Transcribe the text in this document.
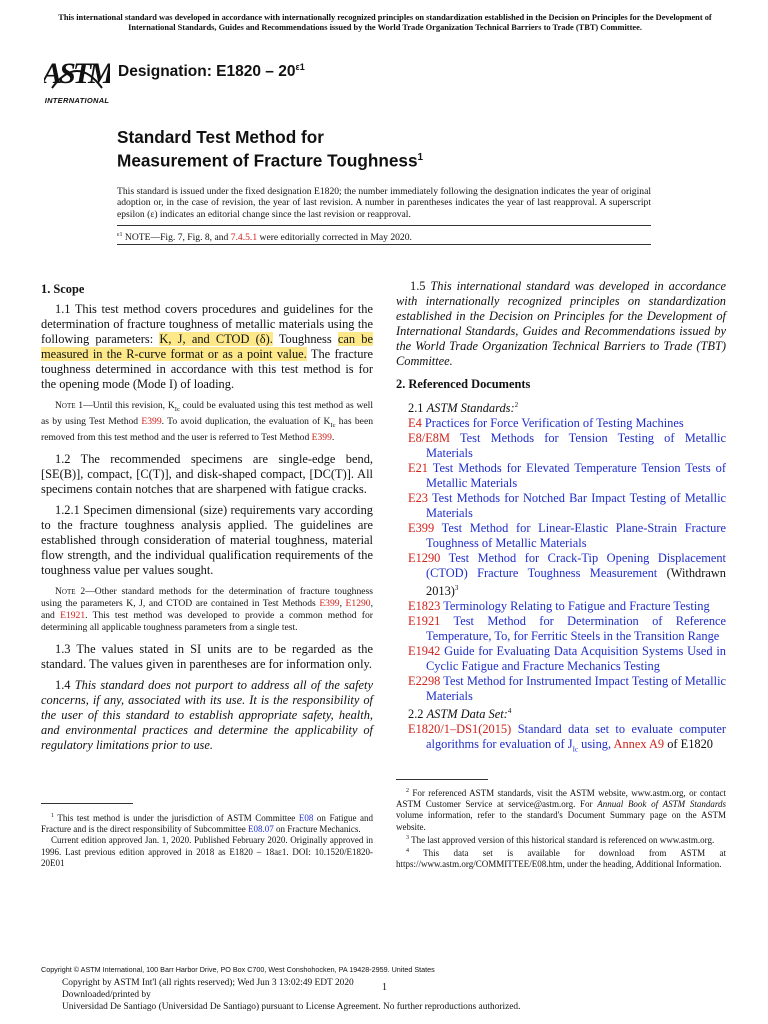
This international standard was developed in accordance with internationally recognized principles on standardization established in the Decision on Principles for the Development of International Standards, Guides and Recommendations issued by the World Trade Organization Technical Barriers to Trade (TBT) Committee.
ASTM
INTERNATIONAL
Designation: $E1820 - 20^{\varepsilon 1}$
Standard Test Method for
Measurement of Fracture Toughness$^1$
This standard is issued under the fixed designation E1820; the number immediately following the designation indicates the year of original adoption or, in the case of revision, the year of last revision. A number in parentheses indicates the year of last reapproval. A superscript epsilon (ε) indicates an editorial change since the last revision or reapproval.
$^{\varepsilon 1}$ NOTE—Fig. 7, Fig. 8, and 7.4.5.1 were editorially corrected in May 2020.
1. Scope

1.1 This test method covers procedures and guidelines for the determination of fracture toughness of metallic materials using the following parameters: K, J, and CTOD (δ). Toughness can be measured in the R-curve format or as a point value. The fracture toughness determined in accordance with this test method is for the opening mode (Mode I) of loading.

Note 1—Until this revision, $K_{Ic}$ could be evaluated using this test method as well as by using Test Method E399. To avoid duplication, the evaluation of $K_{Ic}$ has been removed from this test method and the user is referred to Test Method E399.

1.2 The recommended specimens are single-edge bend, [SE(B)], compact, [C(T)], and disk-shaped compact, [DC(T)]. All specimens contain notches that are sharpened with fatigue cracks.

1.2.1 Specimen dimensional (size) requirements vary according to the fracture toughness analysis applied. The guidelines are established through consideration of material toughness, material flow strength, and the individual qualification requirements of the toughness value per values sought.

Note 2—Other standard methods for the determination of fracture toughness using the parameters K, J, and CTOD are contained in Test Methods E399, E1290, and E1921. This test method was developed to provide a common method for determining all applicable toughness parameters from a single test.

1.3 The values stated in SI units are to be regarded as the standard. The values given in parentheses are for information only.

1.4 This standard does not purport to address all of the safety concerns, if any, associated with its use. It is the responsibility of the user of this standard to establish appropriate safety, health, and environmental practices and determine the applicability of regulatory limitations prior to use.

$^1$ This test method is under the jurisdiction of ASTM Committee E08 on Fatigue and Fracture and is the direct responsibility of Subcommittee E08.07 on Fracture Mechanics.

Current edition approved Jan. 1, 2020. Published February 2020. Originally approved in 1996. Last previous edition approved in 2018 as E1820 – 18aε1. DOI: 10.1520/E1820-20E01

1.5 This international standard was developed in accordance with internationally recognized principles on standardization established in the Decision on Principles for the Development of International Standards, Guides and Recommendations issued by the World Trade Organization Technical Barriers to Trade (TBT) Committee.

2. Referenced Documents

2.1 ASTM Standards:$^2$

E4 Practices for Force Verification of Testing Machines

E8/E8M Test Methods for Tension Testing of Metallic Materials

E21 Test Methods for Elevated Temperature Tension Tests of Metallic Materials

E23 Test Methods for Notched Bar Impact Testing of Metallic Materials

E399 Test Method for Linear-Elastic Plane-Strain Fracture Toughness of Metallic Materials

E1290 Test Method for Crack-Tip Opening Displacement (CTOD) Fracture Toughness Measurement (Withdrawn 2013)$^3$

E1823 Terminology Relating to Fatigue and Fracture Testing

E1921 Test Method for Determination of Reference Temperature, To, for Ferritic Steels in the Transition Range

E1942 Guide for Evaluating Data Acquisition Systems Used in Cyclic Fatigue and Fracture Mechanics Testing

E2298 Test Method for Instrumented Impact Testing of Metallic Materials

2.2 ASTM Data Set:$^4$

E1820/1–DS1(2015) Standard data set to evaluate computer algorithms for evaluation of $J_{Ic}$ using, Annex A9 of E1820

$^2$ For referenced ASTM standards, visit the ASTM website, www.astm.org, or contact ASTM Customer Service at service@astm.org. For Annual Book of ASTM Standards volume information, refer to the standard's Document Summary page on the ASTM website.

$^3$ The last approved version of this historical standard is referenced on www.astm.org.

$^4$ This data set is available for download from ASTM at https://www.astm.org/COMMITTEE/E08.htm, under the heading, Additional Information.

Copyright © ASTM International, 100 Barr Harbor Drive, PO Box C700, West Conshohocken, PA 19428-2959. United States
Copyright by ASTM Int'l (all rights reserved); Wed Jun 3 13:02:49 EDT 2020	1
Downloaded/printed by
Universidad De Santiago (Universidad De Santiago) pursuant to License Agreement. No further reproductions authorized.
